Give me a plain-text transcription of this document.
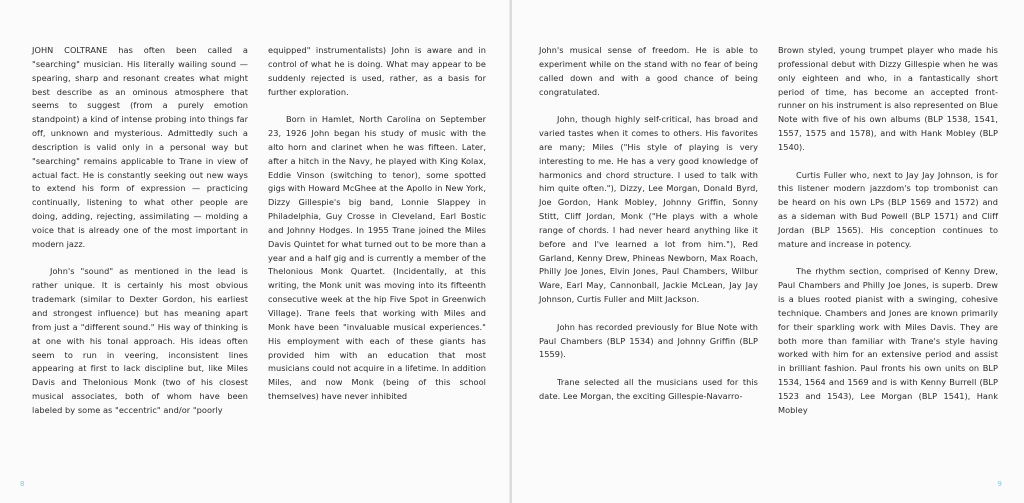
JOHN COLTRANE has often been called a "searching" musician. His literally wailing sound — spearing, sharp and resonant creates what might best describe as an ominous atmosphere that seems to suggest (from a purely emotion standpoint) a kind of intense probing into things far off, unknown and mysterious. Admittedly such a description is valid only in a personal way but "searching" remains applicable to Trane in view of actual fact. He is constantly seeking out new ways to extend his form of expression — practicing continually, listening to what other people are doing, adding, rejecting, assimilating — molding a voice that is already one of the most important in modern jazz.

John's "sound" as mentioned in the lead is rather unique. It is certainly his most obvious trademark (similar to Dexter Gordon, his earliest and strongest influence) but has meaning apart from just a "different sound." His way of thinking is at one with his tonal approach. His ideas often seem to run in veering, inconsistent lines appearing at first to lack discipline but, like Miles Davis and Thelonious Monk (two of his closest musical associates, both of whom have been labeled by some as "eccentric" and/or "poorly

equipped" instrumentalists) John is aware and in control of what he is doing. What may appear to be suddenly rejected is used, rather, as a basis for further exploration.

Born in Hamlet, North Carolina on September 23, 1926 John began his study of music with the alto horn and clarinet when he was fifteen. Later, after a hitch in the Navy, he played with King Kolax, Eddie Vinson (switching to tenor), some spotted gigs with Howard McGhee at the Apollo in New York, Dizzy Gillespie's big band, Lonnie Slappey in Philadelphia, Guy Crosse in Cleveland, Earl Bostic and Johnny Hodges. In 1955 Trane joined the Miles Davis Quintet for what turned out to be more than a year and a half gig and is currently a member of the Thelonious Monk Quartet. (Incidentally, at this writing, the Monk unit was moving into its fifteenth consecutive week at the hip Five Spot in Greenwich Village). Trane feels that working with Miles and Monk have been "invaluable musical experiences." His employment with each of these giants has provided him with an education that most musicians could not acquire in a lifetime. In addition Miles, and now Monk (being of this school themselves) have never inhibited

8

John's musical sense of freedom. He is able to experiment while on the stand with no fear of being called down and with a good chance of being congratulated.

John, though highly self-critical, has broad and varied tastes when it comes to others. His favorites are many; Miles ("His style of playing is very interesting to me. He has a very good knowledge of harmonics and chord structure. I used to talk with him quite often."), Dizzy, Lee Morgan, Donald Byrd, Joe Gordon, Hank Mobley, Johnny Griffin, Sonny Stitt, Cliff Jordan, Monk ("He plays with a whole range of chords. I had never heard anything like it before and I've learned a lot from him."), Red Garland, Kenny Drew, Phineas Newborn, Max Roach, Philly Joe Jones, Elvin Jones, Paul Chambers, Wilbur Ware, Earl May, Cannonball, Jackie McLean, Jay Jay Johnson, Curtis Fuller and Milt Jackson.

John has recorded previously for Blue Note with Paul Chambers (BLP 1534) and Johnny Griffin (BLP 1559).

Trane selected all the musicians used for this date. Lee Morgan, the exciting Gillespie-Navarro-

Brown styled, young trumpet player who made his professional debut with Dizzy Gillespie when he was only eighteen and who, in a fantastically short period of time, has become an accepted front-runner on his instrument is also represented on Blue Note with five of his own albums (BLP 1538, 1541, 1557, 1575 and 1578), and with Hank Mobley (BLP 1540).

Curtis Fuller who, next to Jay Jay Johnson, is for this listener modern jazzdom's top trombonist can be heard on his own LPs (BLP 1569 and 1572) and as a sideman with Bud Powell (BLP 1571) and Cliff Jordan (BLP 1565). His conception continues to mature and increase in potency.

The rhythm section, comprised of Kenny Drew, Paul Chambers and Philly Joe Jones, is superb. Drew is a blues rooted pianist with a swinging, cohesive technique. Chambers and Jones are known primarily for their sparkling work with Miles Davis. They are both more than familiar with Trane's style having worked with him for an extensive period and assist in brilliant fashion. Paul fronts his own units on BLP 1534, 1564 and 1569 and is with Kenny Burrell (BLP 1523 and 1543), Lee Morgan (BLP 1541), Hank Mobley

9
